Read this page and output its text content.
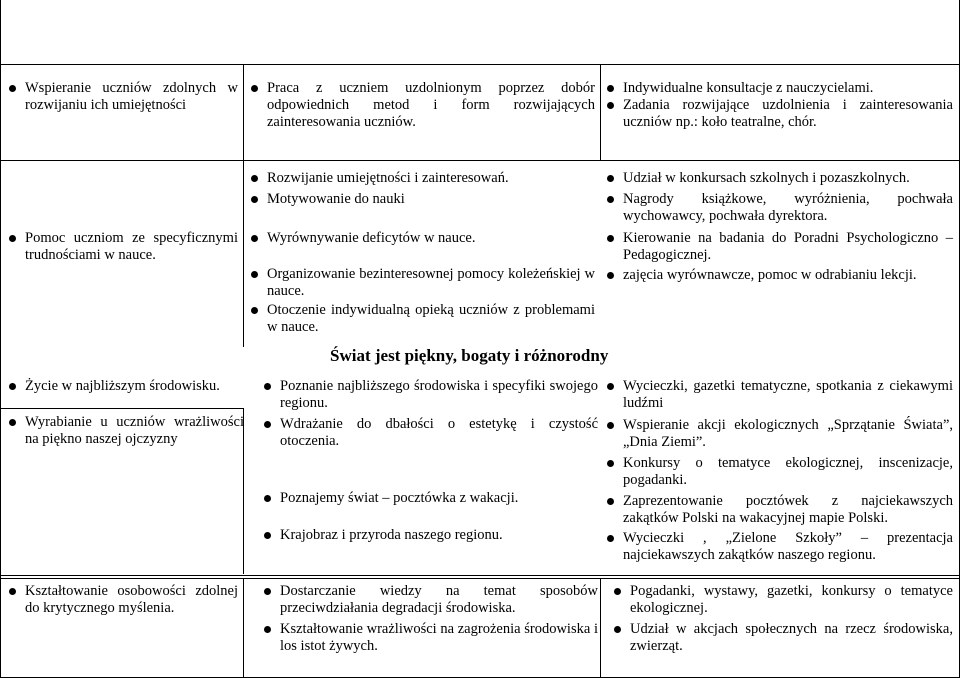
Wspieranie uczniów zdolnych w rozwijaniu ich umiejętności
Praca z uczniem uzdolnionym poprzez dobór odpowiednich metod i form rozwijających zainteresowania uczniów.
Indywidualne konsultacje z nauczycielami.
Zadania rozwijające uzdolnienia i zainteresowania uczniów np.: koło teatralne, chór.
Pomoc uczniom ze specyficznymi trudnościami w nauce.
Rozwijanie umiejętności i zainteresowań.
Motywowanie do nauki
Wyrównywanie deficytów w nauce.
Organizowanie bezinteresownej pomocy koleżeńskiej w nauce.
Otoczenie indywidualną opieką uczniów z problemami w nauce.
Udział w konkursach szkolnych i pozaszkolnych.
Nagrody książkowe, wyróżnienia, pochwała wychowawcy, pochwała dyrektora.
Kierowanie na badania do Poradni Psychologiczno – Pedagogicznej.
zajęcia wyrównawcze, pomoc w odrabianiu lekcji.
Świat jest piękny, bogaty i różnorodny
Życie w najbliższym środowisku.
Wyrabianie u uczniów wrażliwości na piękno naszej ojczyzny
Poznanie najbliższego środowiska i specyfiki swojego regionu.
Wdrażanie do dbałości o estetykę i czystość otoczenia.
Poznajemy świat – pocztówka z wakacji.
Krajobraz i przyroda naszego regionu.
Wycieczki, gazetki tematyczne, spotkania z ciekawymi ludźmi
Wspieranie akcji ekologicznych „Sprzątanie Świata”, „Dnia Ziemi”.
Konkursy o tematyce ekologicznej, inscenizacje, pogadanki.
Zaprezentowanie pocztówek z najciekawszych zakątków Polski na wakacyjnej mapie Polski.
Wycieczki , „Zielone Szkoły” – prezentacja najciekawszych zakątków naszego regionu.
Kształtowanie osobowości zdolnej do krytycznego myślenia.
Dostarczanie wiedzy na temat sposobów przeciwdziałania degradacji środowiska.
Kształtowanie wrażliwości na zagrożenia środowiska i los istot żywych.
Pogadanki, wystawy, gazetki, konkursy o tematyce ekologicznej.
Udział w akcjach społecznych na rzecz środowiska, zwierząt.
